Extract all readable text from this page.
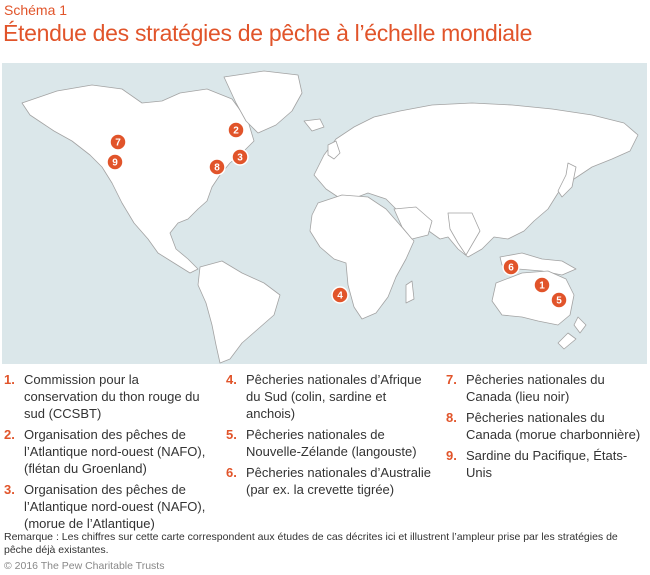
Schéma 1
Étendue des stratégies de pêche à l’échelle mondiale
7
9
2
3
8
4
6
1
5
1. Commission pour la conservation du thon rouge du sud (CCSBT)
2. Organisation des pêches de l’Atlantique nord-ouest (NAFO), (flétan du Groenland)
3. Organisation des pêches de l’Atlantique nord-ouest (NAFO), (morue de l’Atlantique)
4. Pêcheries nationales d’Afrique du Sud (colin, sardine et anchois)
5. Pêcheries nationales de Nouvelle-Zélande (langouste)
6. Pêcheries nationales d’Australie (par ex. la crevette tigrée)
7. Pêcheries nationales du Canada (lieu noir)
8. Pêcheries nationales du Canada (morue charbonnière)
9. Sardine du Pacifique, États-Unis
Remarque : Les chiffres sur cette carte correspondent aux études de cas décrites ici et illustrent l’ampleur prise par les stratégies de pêche déjà existantes.
© 2016 The Pew Charitable Trusts
